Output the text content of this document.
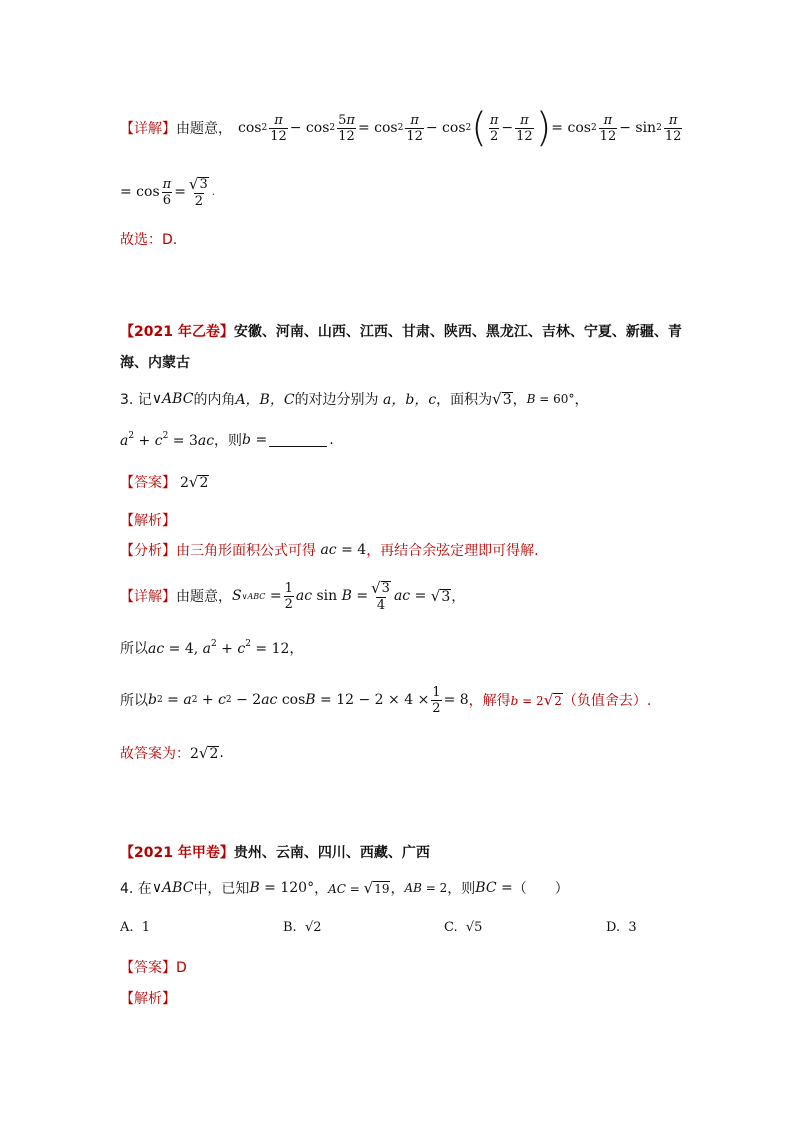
【详解】 由题意， $\cos 2 \frac{\pi}{12} - \cos 2 \frac{5\pi}{12} = \cos 2 \frac{\pi}{12} - \cos 2$ ( $\frac{\pi}{2} - \frac{\pi}{12}$ ) = $\cos 2 \frac{\pi}{12} - \sin 2 \frac{\pi}{12}$
= $\cos \frac{\pi}{6} = \frac{√ 3}{2}$ .
故选：D.
【2021 年乙卷】安徽、河南、山西、江西、甘肃、陕西、黑龙江、吉林、宁夏、新疆、青
海、内蒙古
3. 记 ∨ABC 的内角 A，B，C 的对边分别为 a，b，c ，面积为 √ 3 ， B = 60° ，
$a^2 + c^2 = 3ac$ ，则 b =	.
【答案】 2 √ 2
【解析】
【分析】 由三角形面积公式可得 ac = 4 ，再结合余弦定理即可得解.
【详解】 由题意， S ∨ABC = $\frac{1}{2}$ ac $\sin B = \frac{√ 3}{4}$ ac = √ 3 ，
所以 ac = 4, $a^2 + c^2 = 12$ ，
所以 b 2 = a 2 + c 2 − 2 ac $\cos B = 12 - 2 \times 4 \times \frac{1}{2} = 8$ ，解得 b = 2 √ 2 （负值舍去）.
故答案为： 2 √ 2 .
【2021 年甲卷】贵州、云南、四川、西藏、广西
4. 在 ∨ABC 中，已知 B = 120° ， AC = √ 19 ， AB = 2 ，则 BC = （　　）
A. 1	B. √2	C. √5	D. 3
【答案】D
【解析】
